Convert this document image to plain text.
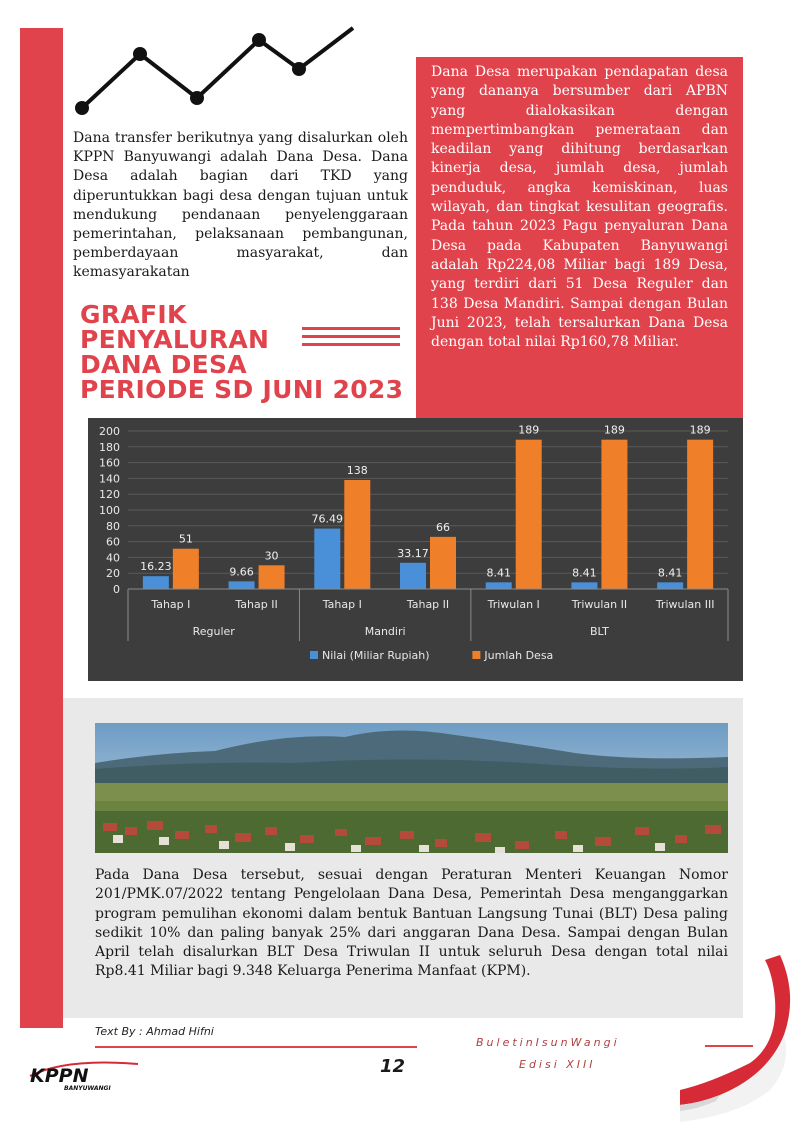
Dana transfer berikutnya yang disalurkan oleh KPPN Banyuwangi adalah Dana Desa. Dana Desa adalah bagian dari TKD yang diperuntukkan bagi desa dengan tujuan untuk mendukung pendanaan penyelenggaraan pemerintahan, pelaksanaan pembangunan, pemberdayaan masyarakat, dan kemasyarakatan

GRAFIK
PENYALURAN
DANA DESA
PERIODE SD JUNI 2023
Dana Desa merupakan pendapatan desa yang dananya bersumber dari APBN yang dialokasikan dengan mempertimbangkan pemerataan dan keadilan yang dihitung berdasarkan kinerja desa, jumlah desa, jumlah penduduk, angka kemiskinan, luas wilayah, dan tingkat kesulitan geografis. Pada tahun 2023 Pagu penyaluran Dana Desa pada Kabupaten Banyuwangi adalah Rp224,08 Miliar bagi 189 Desa, yang terdiri dari 51 Desa Reguler dan 138 Desa Mandiri. Sampai dengan Bulan Juni 2023, telah tersalurkan Dana Desa dengan total nilai Rp160,78 Miliar.
0
20
40
60
80
100
120
140
160
180
200
16.23
51
Tahap I
9.66
30
Tahap II
76.49
138
Tahap I
33.17
66
Tahap II
8.41
189
Triwulan I
8.41
189
Triwulan II
8.41
189
Triwulan III
Reguler	Mandiri	BLT
Nilai (Miliar Rupiah)	Jumlah Desa

Pada Dana Desa tersebut, sesuai dengan Peraturan Menteri Keuangan Nomor 201/PMK.07/2022 tentang Pengelolaan Dana Desa, Pemerintah Desa menganggarkan program pemulihan ekonomi dalam bentuk Bantuan Langsung Tunai (BLT) Desa paling sedikit 10% dan paling banyak 25% dari anggaran Dana Desa. Sampai dengan Bulan April telah disalurkan BLT Desa Triwulan II untuk seluruh Desa dengan total nilai Rp8.41 Miliar bagi 9.348 Keluarga Penerima Manfaat (KPM).

Text By : Ahmad Hifni
12
BuletinIsunWangi
Edisi XIII
KPPN
BANYUWANGI
